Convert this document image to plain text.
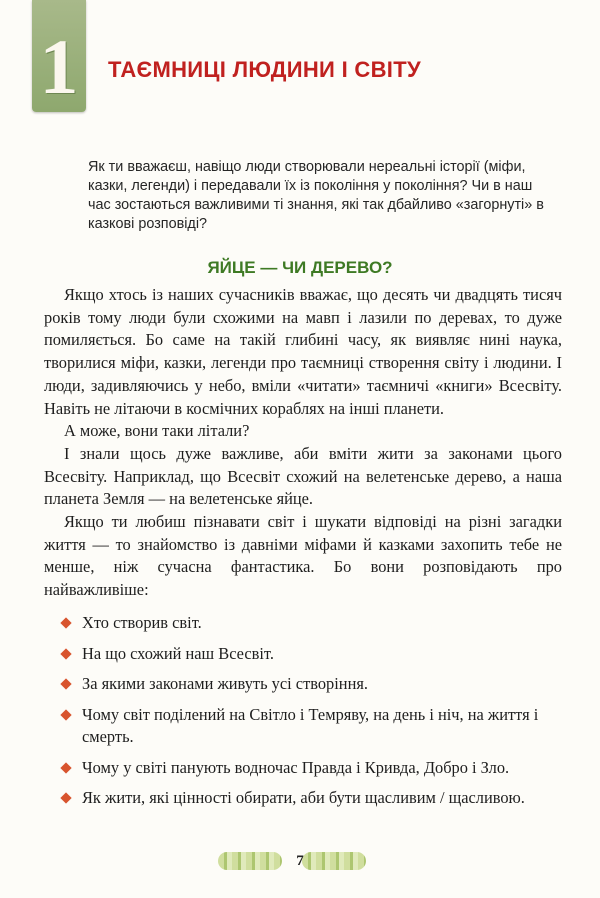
1	ТАЄМНИЦІ ЛЮДИНИ І СВІТУ
Як ти вважаєш, навіщо люди створювали нереальні історії (міфи, казки, легенди) і передавали їх із покоління у покоління? Чи в наш час зостаються важливими ті знання, які так дбайливо «загорнуті» в казкові розповіді?
ЯЙЦЕ — ЧИ ДЕРЕВО?

Якщо хтось із наших сучасників вважає, що десять чи двадцять тисяч років тому люди були схожими на мавп і лазили по деревах, то дуже помиляється. Бо саме на такій глибині часу, як виявляє нині наука, творилися міфи, казки, легенди про таємниці створення світу і людини. І люди, задивляючись у небо, вміли «читати» таємничі «книги» Всесвіту. Навіть не літаючи в космічних кораблях на інші планети.

А може, вони таки літали?

І знали щось дуже важливе, аби вміти жити за законами цього Всесвіту. Наприклад, що Всесвіт схожий на велетенське дерево, а наша планета Земля — на велетенське яйце.

Якщо ти любиш пізнавати світ і шукати відповіді на різні загадки життя — то знайомство із давніми міфами й казками захопить тебе не менше, ніж сучасна фантастика. Бо вони розповідають про найважливіше:

Хто створив світ.
На що схожий наш Всесвіт.
За якими законами живуть усі створіння.
Чому світ поділений на Світло і Темряву, на день і ніч, на життя і смерть.
Чому у світі панують водночас Правда і Кривда, Добро і Зло.
Як жити, які цінності обирати, аби бути щасливим / щасливою.
7
